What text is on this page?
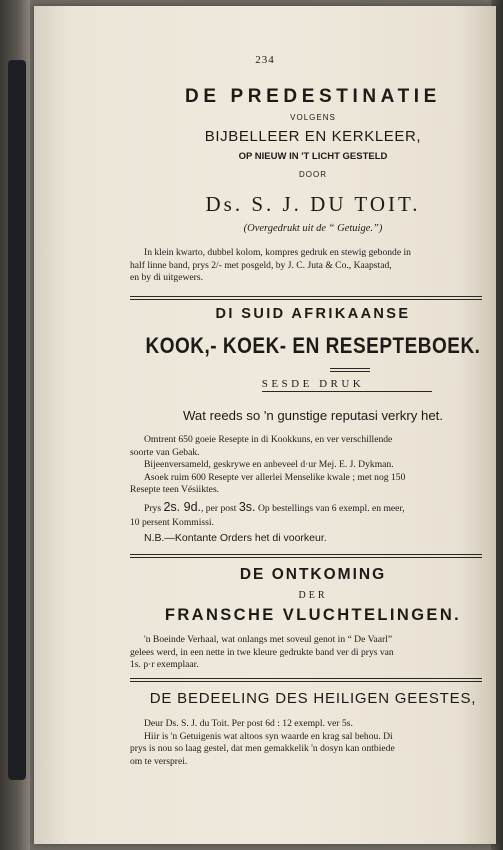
234
DE PREDESTINATIE
VOLGENS
BIJBELLEER EN KERKLEER,
OP NIEUW IN 'T LICHT GESTELD
DOOR
Ds. S. J. DU TOIT.
(Overgedrukt uit de “ Getuige.”)
In klein kwarto, dubbel kolom, kompres gedruk en stewig gebonde in
half linne band, prys 2/- met posgeld, by J. C. Juta & Co., Kaapstad,
en by di uitgewers.
DI SUID AFRIKAANSE
KOOK,- KOEK- EN RESEPTEBOEK.
SESDE DRUK
Wat reeds so 'n gunstige reputasi verkry het.
Omtrent 650 goeie Resepte in di Kookkuns, en ver verschillende
soorte van Gebak.
Bijeenversameld, geskrywe en anbeveel d·ur Mej. E. J. Dykman.
Asoek ruim 600 Resepte ver allerlei Menselike kwale ; met nog 150
Resepte teen Vésiiktes.
Prys 2s. 9d., per post 3s. Op bestellings van 6 exempl. en meer,
10 persent Kommissi.
N.B.—Kontante Orders het di voorkeur.
DE ONTKOMING
DER
FRANSCHE VLUCHTELINGEN.
'n Boeinde Verhaal, wat onlangs met soveul genot in “ De Vaarl”
gelees werd, in een nette in twe kleure gedrukte band ver di prys van
1s. p·r exemplaar.
DE BEDEELING DES HEILIGEN GEESTES,
Deur Ds. S. J. du Toit. Per post 6d : 12 exempl. ver 5s.
Hiir is 'n Getuigenis wat altoos syn waarde en krag sal behou. Di
prys is nou so laag gestel, dat men gemakkelik 'n dosyn kan ontbiede
om te versprei.
